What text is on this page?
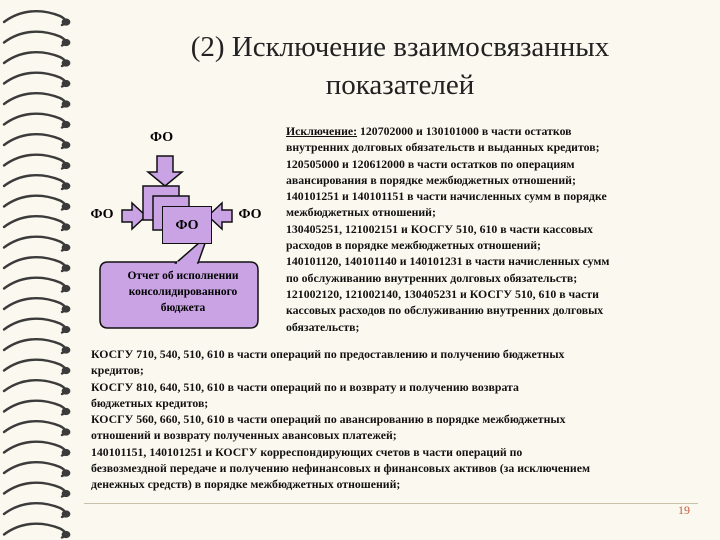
(2) Исключение взаимосвязанных
показателей
ФО
ФО
ФО
ФО
Отчет об исполнении
консолидированного
бюджета
Исключение: 120702000 и 130101000 в части остатков
внутренних долговых обязательств и выданных кредитов;
120505000 и 120612000 в части остатков по операциям
авансирования в порядке межбюджетных отношений;
140101251 и 140101151 в части начисленных сумм в порядке
межбюджетных отношений;
130405251, 121002151 и КОСГУ 510, 610 в части кассовых
расходов в порядке межбюджетных отношений;
140101120, 140101140 и 140101231 в части начисленных сумм
по обслуживанию внутренних долговых обязательств;
121002120, 121002140, 130405231 и КОСГУ 510, 610 в части
кассовых расходов по обслуживанию внутренних долговых
обязательств;
КОСГУ 710, 540, 510, 610 в части операций по предоставлению и получению бюджетных
кредитов;
КОСГУ 810, 640, 510, 610 в части операций по и возврату и получению возврата
бюджетных кредитов;
КОСГУ 560, 660, 510, 610 в части операций по авансированию в порядке межбюджетных
отношений и возврату полученных авансовых платежей;
140101151, 140101251 и КОСГУ корреспондирующих счетов в части операций по
безвозмездной передаче и получению нефинансовых и финансовых активов (за исключением
денежных средств) в порядке межбюджетных отношений;
19
